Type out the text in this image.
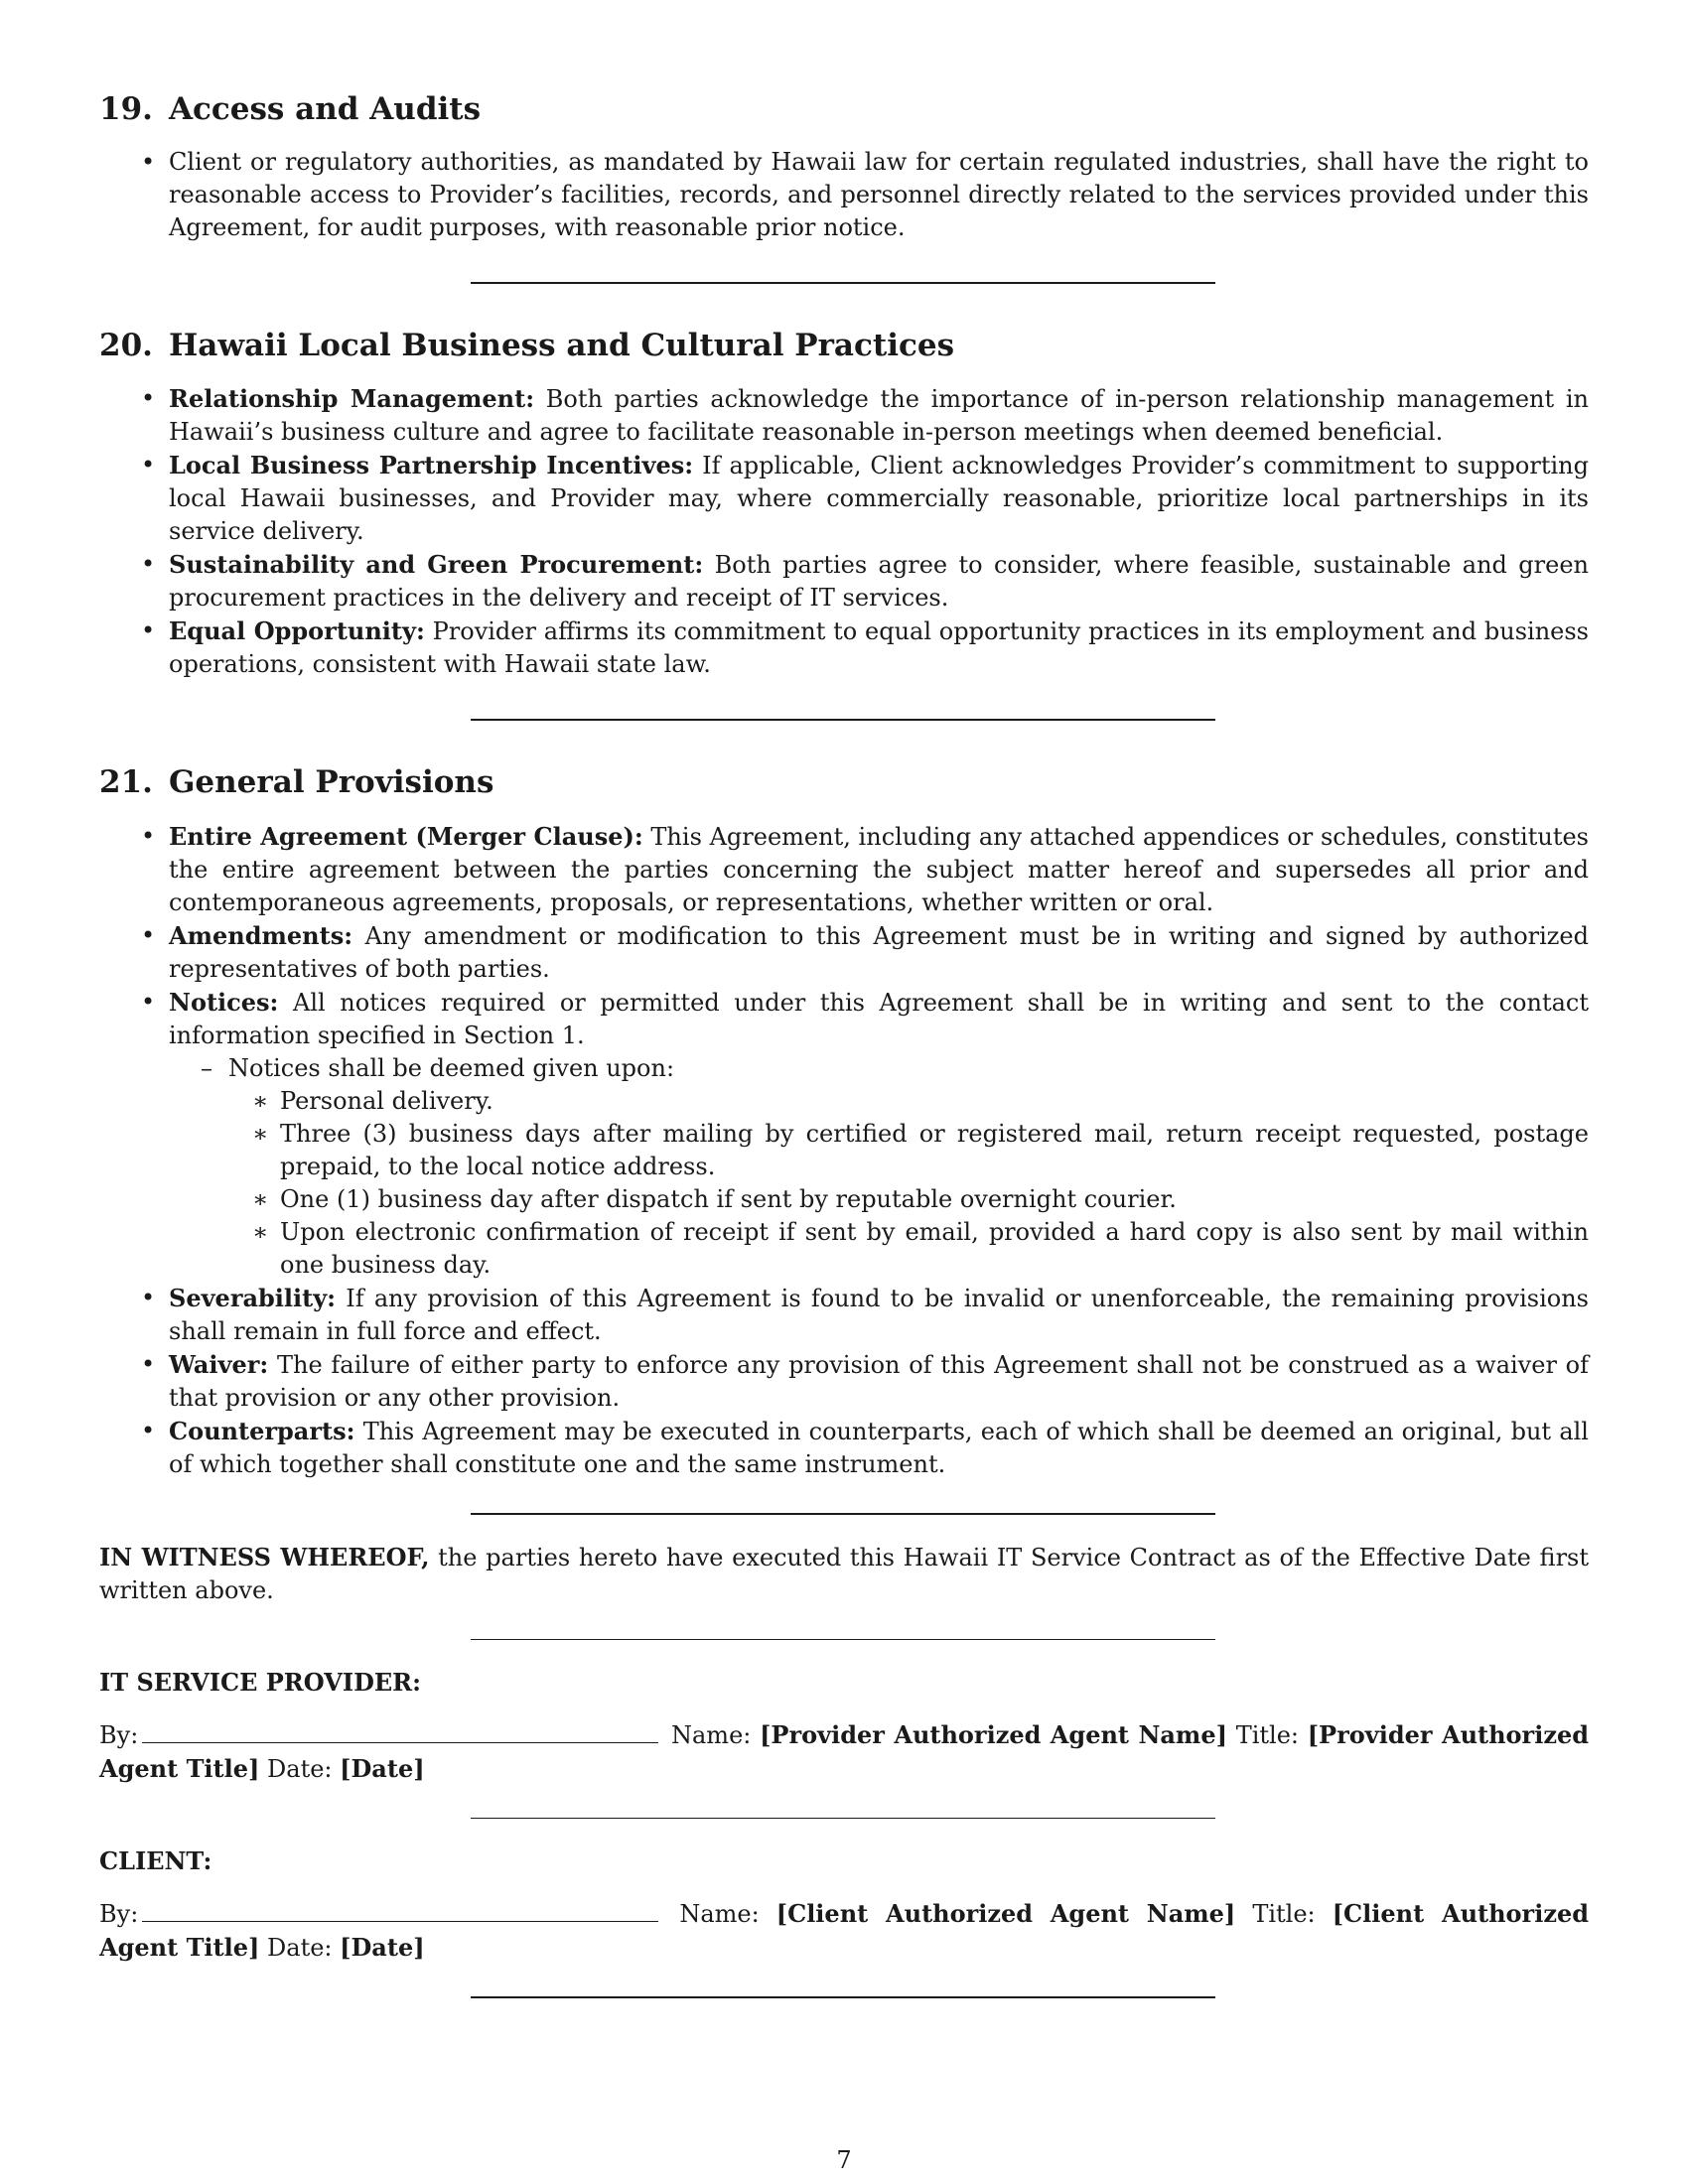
19. Access and Audits
• Client or regulatory authorities, as mandated by Hawaii law for certain regulated industries, shall have the right to reasonable access to Provider’s facilities, records, and personnel directly related to the services provided under this Agreement, for audit purposes, with reasonable prior notice.
20. Hawaii Local Business and Cultural Practices
• Relationship Management: Both parties acknowledge the importance of in-person relationship management in Hawaii’s business culture and agree to facilitate reasonable in-person meetings when deemed beneficial.
• Local Business Partnership Incentives: If applicable, Client acknowledges Provider’s commitment to supporting local Hawaii businesses, and Provider may, where commercially reasonable, prioritize local partnerships in its service delivery.
• Sustainability and Green Procurement: Both parties agree to consider, where feasible, sustainable and green procurement practices in the delivery and receipt of IT services.
• Equal Opportunity: Provider affirms its commitment to equal opportunity practices in its employment and business operations, consistent with Hawaii state law.
21. General Provisions
• Entire Agreement (Merger Clause): This Agreement, including any attached appendices or schedules, constitutes the entire agreement between the parties concerning the subject matter hereof and supersedes all prior and contemporaneous agreements, proposals, or representations, whether written or oral.
• Amendments: Any amendment or modification to this Agreement must be in writing and signed by authorized representatives of both parties.
• Notices: All notices required or permitted under this Agreement shall be in writing and sent to the contact information specified in Section 1.
– Notices shall be deemed given upon:
∗ Personal delivery.
∗ Three (3) business days after mailing by certified or registered mail, return receipt requested, postage prepaid, to the local notice address.
∗ One (1) business day after dispatch if sent by reputable overnight courier.
∗ Upon electronic confirmation of receipt if sent by email, provided a hard copy is also sent by mail within one business day.
• Severability: If any provision of this Agreement is found to be invalid or unenforceable, the remaining provisions shall remain in full force and effect.
• Waiver: The failure of either party to enforce any provision of this Agreement shall not be construed as a waiver of that provision or any other provision.
• Counterparts: This Agreement may be executed in counterparts, each of which shall be deemed an original, but all of which together shall constitute one and the same instrument.

IN WITNESS WHEREOF, the parties hereto have executed this Hawaii IT Service Contract as of the Effective Date first written above.

IT SERVICE PROVIDER:

By:	Name: [Provider Authorized Agent Name] Title: [Provider Authorized Agent Title] Date: [Date]

CLIENT:

By:	Name: [Client Authorized Agent Name] Title: [Client Authorized Agent Title] Date: [Date]

7
